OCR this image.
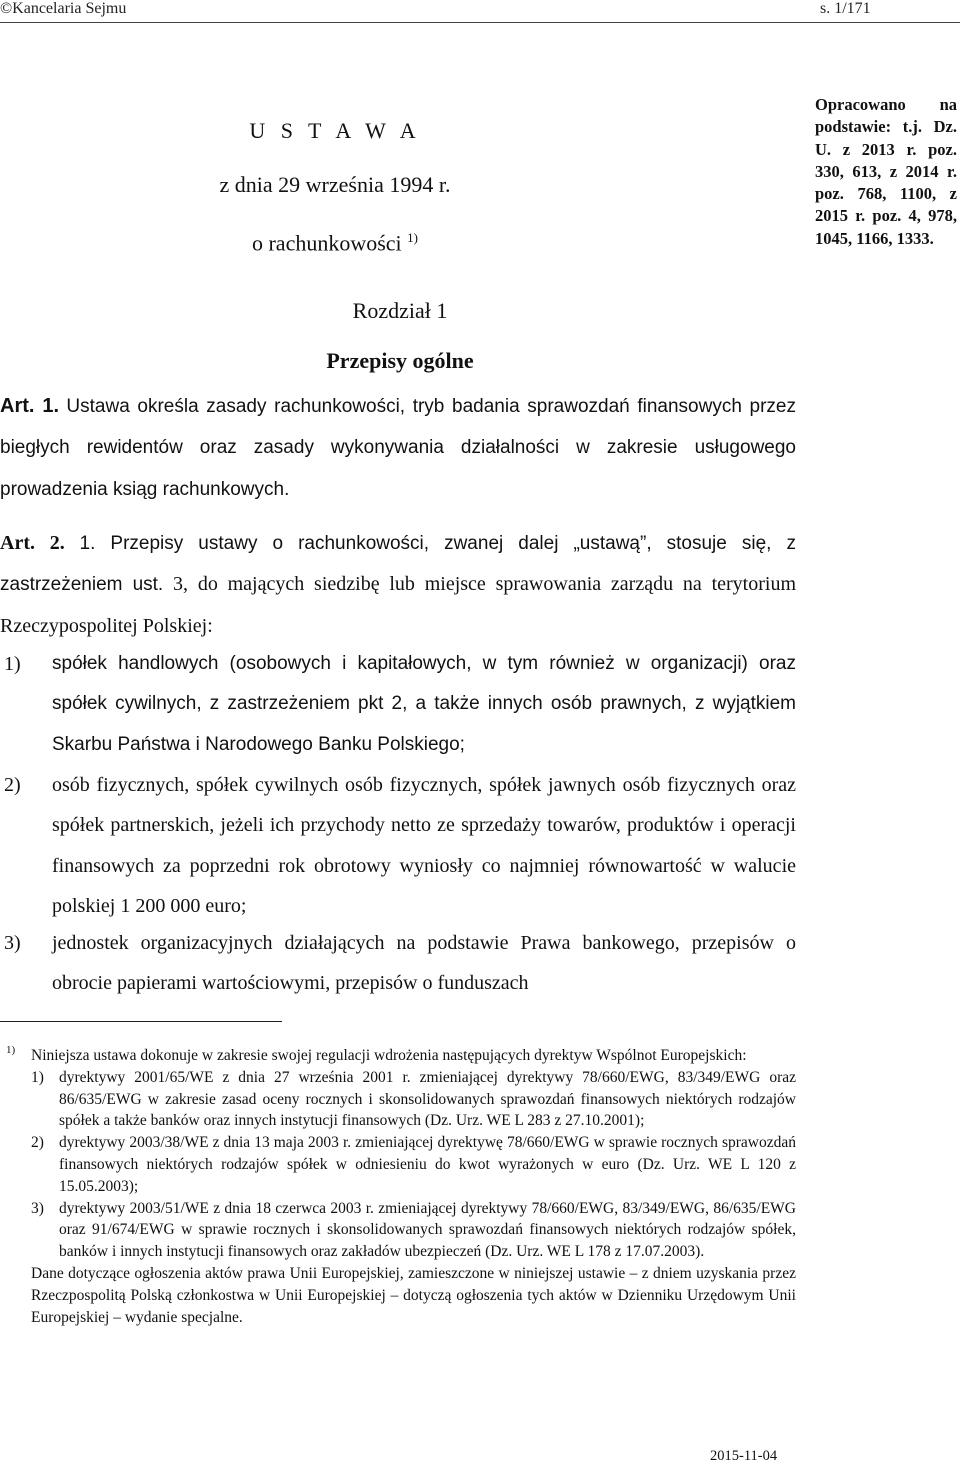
©Kancelaria Sejmu	s. 1/171

U S T A W A

z dnia 29 września 1994 r.

o rachunkowości $^{1)}$

Opracowano na podstawie: t.j. Dz. U. z 2013 r. poz. 330, 613, z 2014 r. poz. 768, 1100, z 2015 r. poz. 4, 978, 1045, 1166, 1333.
Rozdział 1
Przepisy ogólne
Art. 1. Ustawa określa zasady rachunkowości, tryb badania sprawozdań finansowych przez biegłych rewidentów oraz zasady wykonywania działalności w zakresie usługowego prowadzenia ksiąg rachunkowych.
Art. 2. 1. Przepisy ustawy o rachunkowości, zwanej dalej „ustawą”, stosuje się, z zastrzeżeniem ust. 3, do mających siedzibę lub miejsce sprawowania zarządu na terytorium Rzeczypospolitej Polskiej:
1) spółek handlowych (osobowych i kapitałowych, w tym również w organizacji) oraz spółek cywilnych, z zastrzeżeniem pkt 2, a także innych osób prawnych, z wyjątkiem Skarbu Państwa i Narodowego Banku Polskiego;
2) osób fizycznych, spółek cywilnych osób fizycznych, spółek jawnych osób fizycznych oraz spółek partnerskich, jeżeli ich przychody netto ze sprzedaży towarów, produktów i operacji finansowych za poprzedni rok obrotowy wyniosły co najmniej równowartość w walucie polskiej 1 200 000 euro;
3) jednostek organizacyjnych działających na podstawie Prawa bankowego, przepisów o obrocie papierami wartościowymi, przepisów o funduszach
1) Niniejsza ustawa dokonuje w zakresie swojej regulacji wdrożenia następujących dyrektyw Wspólnot Europejskich:
1) dyrektywy 2001/65/WE z dnia 27 września 2001 r. zmieniającej dyrektywy 78/660/EWG, 83/349/EWG oraz 86/635/EWG w zakresie zasad oceny rocznych i skonsolidowanych sprawozdań finansowych niektórych rodzajów spółek a także banków oraz innych instytucji finansowych (Dz. Urz. WE L 283 z 27.10.2001);
2) dyrektywy 2003/38/WE z dnia 13 maja 2003 r. zmieniającej dyrektywę 78/660/EWG w sprawie rocznych sprawozdań finansowych niektórych rodzajów spółek w odniesieniu do kwot wyrażonych w euro (Dz. Urz. WE L 120 z 15.05.2003);
3) dyrektywy 2003/51/WE z dnia 18 czerwca 2003 r. zmieniającej dyrektywy 78/660/EWG, 83/349/EWG, 86/635/EWG oraz 91/674/EWG w sprawie rocznych i skonsolidowanych sprawozdań finansowych niektórych rodzajów spółek, banków i innych instytucji finansowych oraz zakładów ubezpieczeń (Dz. Urz. WE L 178 z 17.07.2003).
Dane dotyczące ogłoszenia aktów prawa Unii Europejskiej, zamieszczone w niniejszej ustawie – z dniem uzyskania przez Rzeczpospolitą Polską członkostwa w Unii Europejskiej – dotyczą ogłoszenia tych aktów w Dzienniku Urzędowym Unii Europejskiej – wydanie specjalne.
2015-11-04
